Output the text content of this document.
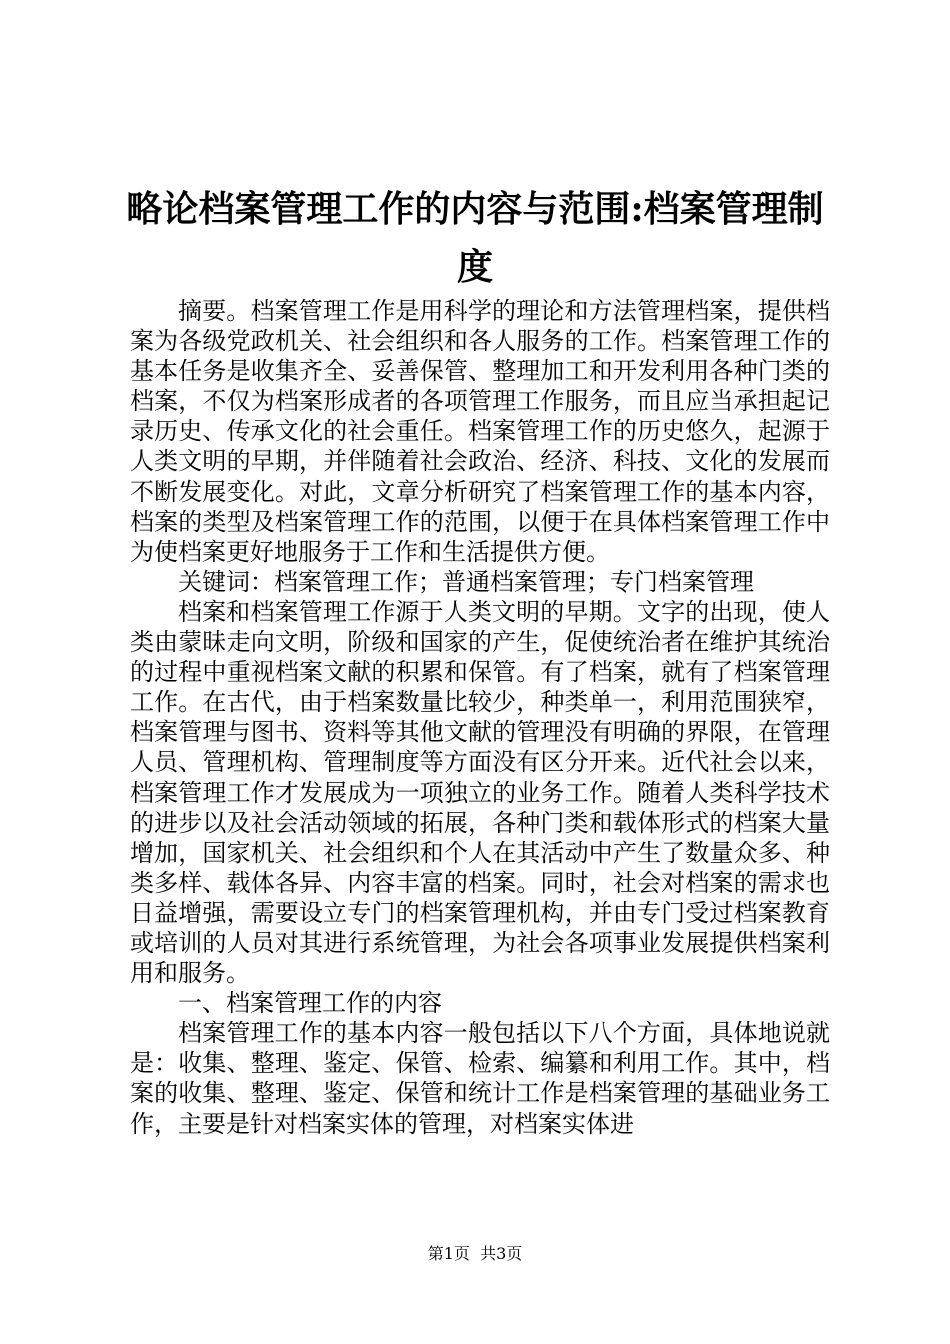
略论档案管理工作的内容与范围:档案管理制度

摘要。档案管理工作是用科学的理论和方法管理档案，提供档案为各级党政机关、社会组织和各人服务的工作。档案管理工作的基本任务是收集齐全、妥善保管、整理加工和开发利用各种门类的档案，不仅为档案形成者的各项管理工作服务，而且应当承担起记录历史、传承文化的社会重任。档案管理工作的历史悠久，起源于人类文明的早期，并伴随着社会政治、经济、科技、文化的发展而不断发展变化。对此，文章分析研究了档案管理工作的基本内容，档案的类型及档案管理工作的范围，以便于在具体档案管理工作中为使档案更好地服务于工作和生活提供方便。

关键词：档案管理工作；普通档案管理；专门档案管理

档案和档案管理工作源于人类文明的早期。文字的出现，使人类由蒙昧走向文明，阶级和国家的产生，促使统治者在维护其统治的过程中重视档案文献的积累和保管。有了档案，就有了档案管理工作。在古代，由于档案数量比较少，种类单一，利用范围狭窄，档案管理与图书、资料等其他文献的管理没有明确的界限，在管理人员、管理机构、管理制度等方面没有区分开来。近代社会以来，档案管理工作才发展成为一项独立的业务工作。随着人类科学技术的进步以及社会活动领域的拓展，各种门类和载体形式的档案大量增加，国家机关、社会组织和个人在其活动中产生了数量众多、种类多样、载体各异、内容丰富的档案。同时，社会对档案的需求也日益增强，需要设立专门的档案管理机构，并由专门受过档案教育或培训的人员对其进行系统管理，为社会各项事业发展提供档案利用和服务。

一、档案管理工作的内容

档案管理工作的基本内容一般包括以下八个方面，具体地说就是：收集、整理、鉴定、保管、检索、编纂和利用工作。其中，档案的收集、整理、鉴定、保管和统计工作是档案管理的基础业务工作，主要是针对档案实体的管理，对档案实体进

第1页 共3页
